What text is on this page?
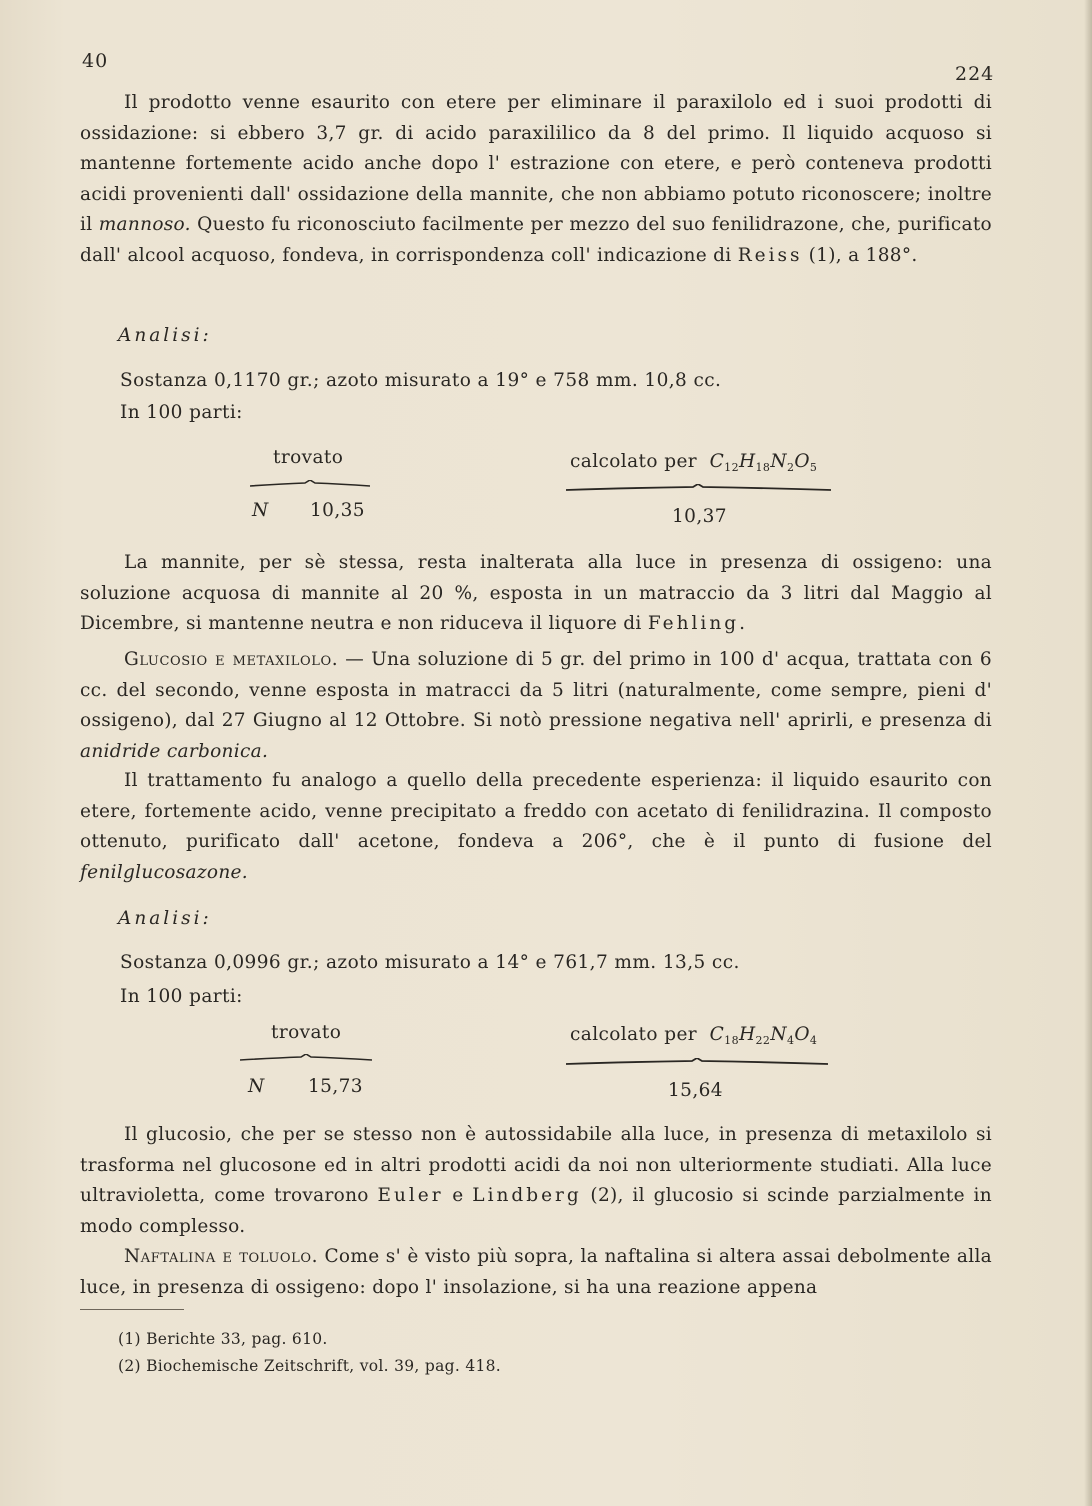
40
224
Il prodotto venne esaurito con etere per eliminare il paraxilolo ed i suoi prodotti di ossidazione: si ebbero 3,7 gr. di acido paraxililico da 8 del primo. Il liquido acquoso si mantenne fortemente acido anche dopo l' estrazione con etere, e però conteneva prodotti acidi provenienti dall' ossidazione della mannite, che non abbiamo potuto riconoscere; inoltre il mannoso. Questo fu riconosciuto facilmente per mezzo del suo fenilidrazone, che, purificato dall' alcool acquoso, fondeva, in corrispondenza coll' indicazione di Reiss (1), a 188°.
Analisi:
Sostanza 0,1170 gr.; azoto misurato a 19° e 758 mm. 10,8 cc.
In 100 parti:
trovato	calcolato per $C_{12}H_{18}N_2O_5$
N 10,35	10,37
La mannite, per sè stessa, resta inalterata alla luce in presenza di ossigeno: una soluzione acquosa di mannite al 20 %, esposta in un matraccio da 3 litri dal Maggio al Dicembre, si mantenne neutra e non riduceva il liquore di Fehling.
Glucosio e metaxilolo. — Una soluzione di 5 gr. del primo in 100 d' acqua, trattata con 6 cc. del secondo, venne esposta in matracci da 5 litri (naturalmente, come sempre, pieni d' ossigeno), dal 27 Giugno al 12 Ottobre. Si notò pressione negativa nell' aprirli, e presenza di anidride carbonica.
Il trattamento fu analogo a quello della precedente esperienza: il liquido esaurito con etere, fortemente acido, venne precipitato a freddo con acetato di fenilidrazina. Il composto ottenuto, purificato dall' acetone, fondeva a 206°, che è il punto di fusione del fenilglucosazone.
Analisi:
Sostanza 0,0996 gr.; azoto misurato a 14° e 761,7 mm. 13,5 cc.
In 100 parti:
trovato	calcolato per $C_{18}H_{22}N_4O_4$
N 15,73	15,64
Il glucosio, che per se stesso non è autossidabile alla luce, in presenza di metaxilolo si trasforma nel glucosone ed in altri prodotti acidi da noi non ulteriormente studiati. Alla luce ultravioletta, come trovarono Euler e Lindberg (2), il glucosio si scinde parzialmente in modo complesso.
Naftalina e toluolo. Come s' è visto più sopra, la naftalina si altera assai debolmente alla luce, in presenza di ossigeno: dopo l' insolazione, si ha una reazione appena
(1) Berichte 33, pag. 610.
(2) Biochemische Zeitschrift, vol. 39, pag. 418.
